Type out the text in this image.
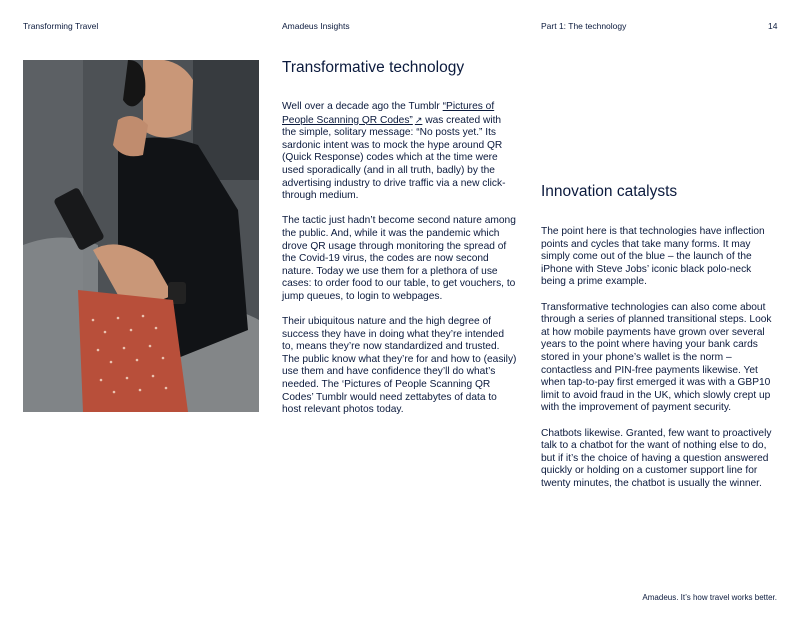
Transforming Travel	Amadeus Insights	Part 1: The technology	14
Transformative technology

Well over a decade ago the Tumblr “Pictures of People Scanning QR Codes” ↗ was created with the simple, solitary message: “No posts yet.” Its sardonic intent was to mock the hype around QR (Quick Response) codes which at the time were used sporadically (and in all truth, badly) by the advertising industry to drive traffic via a new click-through medium.

The tactic just hadn’t become second nature among the public. And, while it was the pandemic which drove QR usage through monitoring the spread of the Covid-19 virus, the codes are now second nature. Today we use them for a plethora of use cases: to order food to our table, to get vouchers, to jump queues, to login to webpages.

Their ubiquitous nature and the high degree of success they have in doing what they’re intended to, means they’re now standardized and trusted. The public know what they’re for and how to (easily) use them and have confidence they’ll do what’s needed. The ‘Pictures of People Scanning QR Codes’ Tumblr would need zettabytes of data to host relevant photos today.

Innovation catalysts

The point here is that technologies have inflection points and cycles that take many forms. It may simply come out of the blue – the launch of the iPhone with Steve Jobs’ iconic black polo-neck being a prime example.

Transformative technologies can also come about through a series of planned transitional steps. Look at how mobile payments have grown over several years to the point where having your bank cards stored in your phone’s wallet is the norm – contactless and PIN-free payments likewise. Yet when tap-to-pay first emerged it was with a GBP10 limit to avoid fraud in the UK, which slowly crept up with the improvement of payment security.

Chatbots likewise. Granted, few want to proactively talk to a chatbot for the want of nothing else to do, but if it’s the choice of having a question answered quickly or holding on a customer support line for twenty minutes, the chatbot is usually the winner.

Amadeus. It’s how travel works better.
